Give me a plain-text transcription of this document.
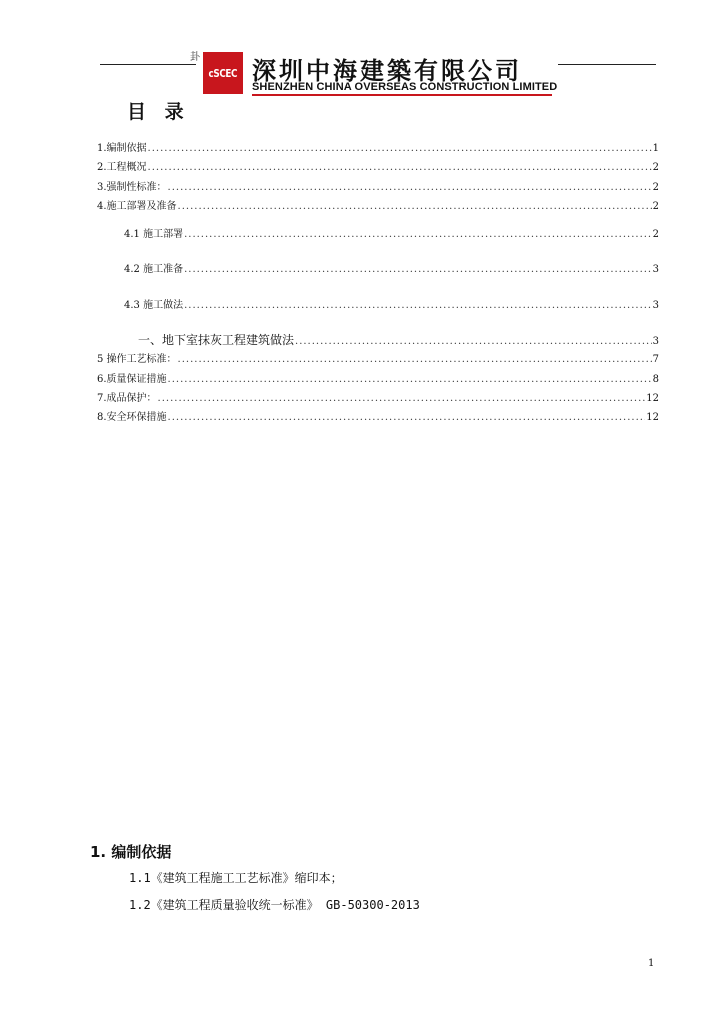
卦
cSCEC 深圳中海建築有限公司
SHENZHEN CHINA OVERSEAS CONSTRUCTION LIMITED
目 录
1.编制依据 .....	1
2.工程概况 .....	2
3.强制性标准： .....	2
4.施工部署及准备 .....	2
4.1 施工部署 .....	2
4.2 施工准备 .....	3
4.3 施工做法 .....	3
一、地下室抹灰工程建筑做法 .....	3
5 操作工艺标准： .....	7
6.质量保证措施 .....	8
7.成品保护： .....	12
8.安全环保措施 .....	12
1. 编制依据
1.1《建筑工程施工工艺标准》缩印本；
1.2《建筑工程质量验收统一标准》 GB-50300-2013
1
